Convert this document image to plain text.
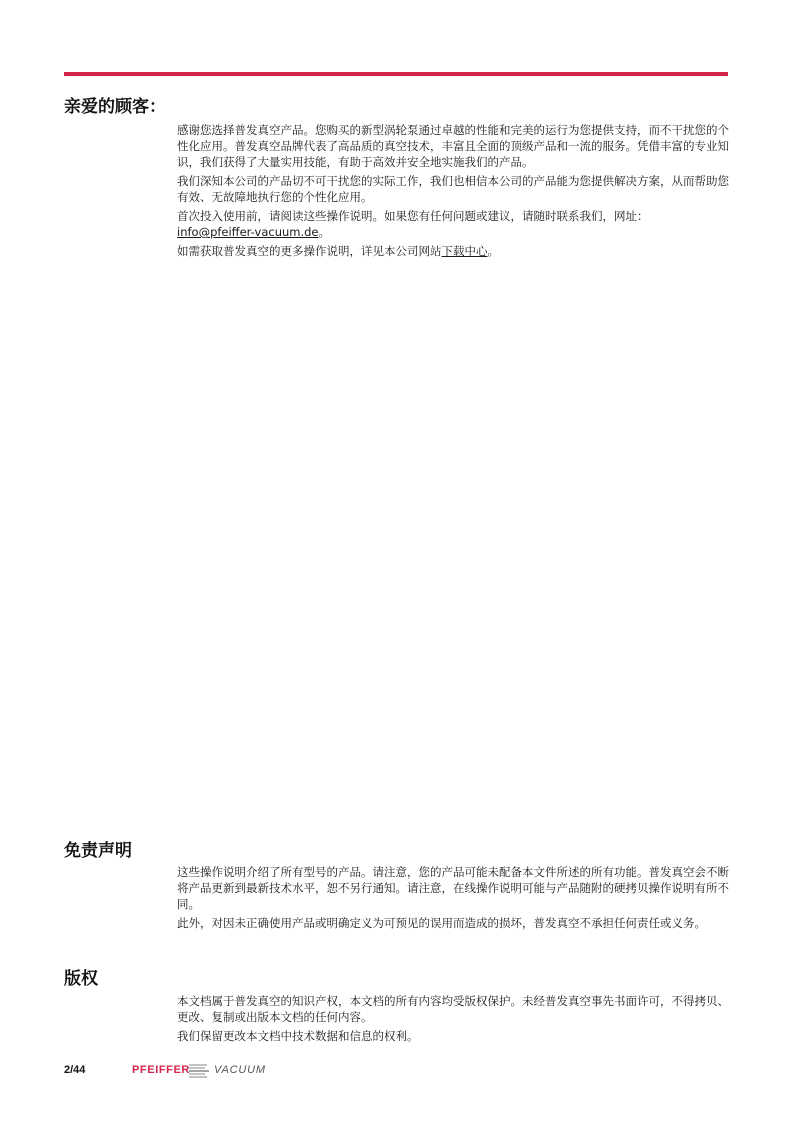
亲爱的顾客：

感谢您选择普发真空产品。您购买的新型涡轮泵通过卓越的性能和完美的运行为您提供支持，而不干扰您的个性化应用。普发真空品牌代表了高品质的真空技术，丰富且全面的顶级产品和一流的服务。凭借丰富的专业知识，我们获得了大量实用技能，有助于高效并安全地实施我们的产品。

我们深知本公司的产品切不可干扰您的实际工作，我们也相信本公司的产品能为您提供解决方案，从而帮助您有效、无故障地执行您的个性化应用。

首次投入使用前，请阅读这些操作说明。如果您有任何问题或建议，请随时联系我们，网址： info@pfeiffer-vacuum.de。

如需获取普发真空的更多操作说明，详见本公司网站下载中心。

免责声明

这些操作说明介绍了所有型号的产品。请注意，您的产品可能未配备本文件所述的所有功能。普发真空会不断将产品更新到最新技术水平，恕不另行通知。请注意，在线操作说明可能与产品随附的硬拷贝操作说明有所不同。

此外，对因未正确使用产品或明确定义为可预见的误用而造成的损坏，普发真空不承担任何责任或义务。

版权

本文档属于普发真空的知识产权，本文档的所有内容均受版权保护。未经普发真空事先书面许可，不得拷贝、更改、复制或出版本文档的任何内容。

我们保留更改本文档中技术数据和信息的权利。

2/44	PFEIFFER VACUUM
